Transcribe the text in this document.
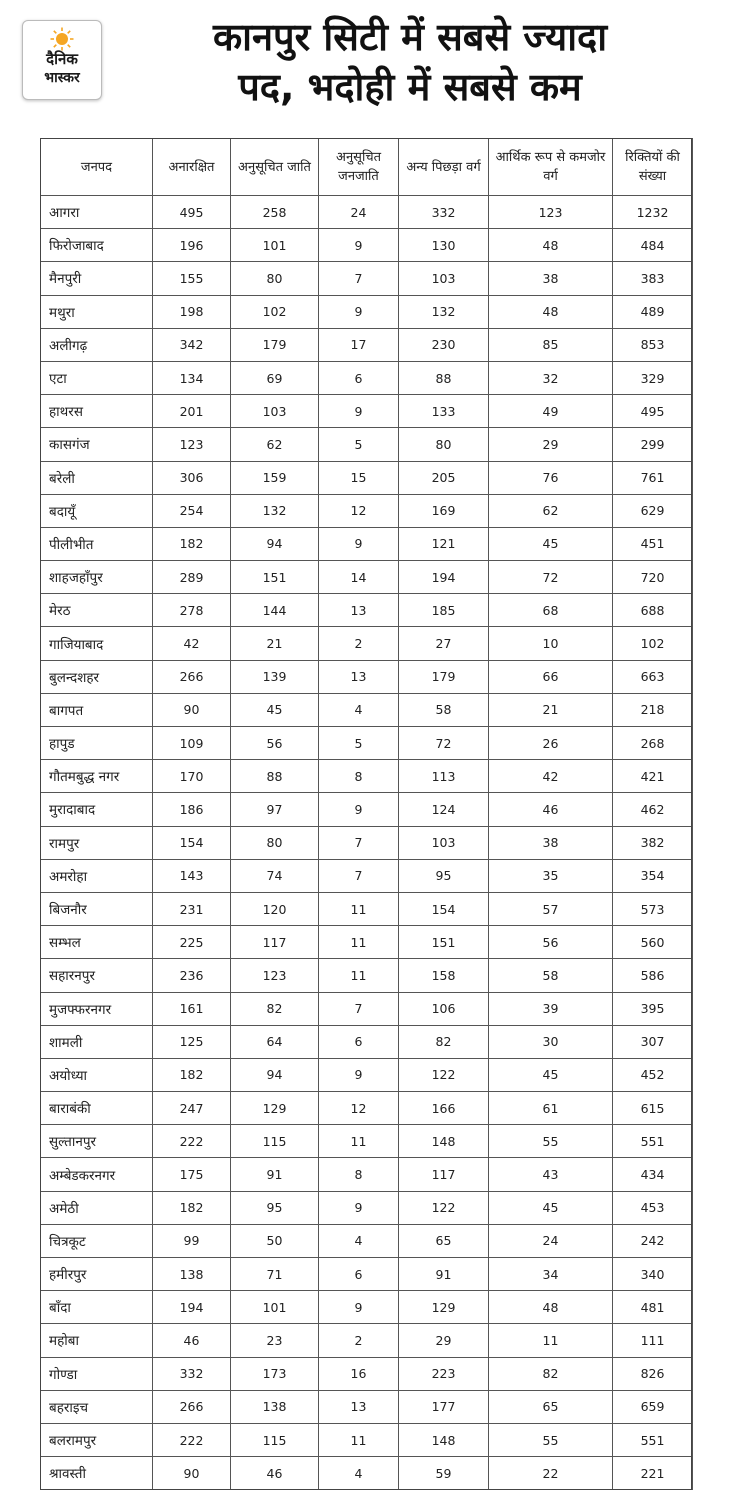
दैनिक
भास्कर
कानपुर सिटी में सबसे ज्यादा
पद, भदोही में सबसे कम
जनपद	अनारक्षित	अनुसूचित जाति	अनुसूचित जनजाति	अन्य पिछड़ा वर्ग	आर्थिक रूप से कमजोर वर्ग	रिक्तियों की संख्या
आगरा	495	258	24	332	123	1232
फिरोजाबाद	196	101	9	130	48	484
मैनपुरी	155	80	7	103	38	383
मथुरा	198	102	9	132	48	489
अलीगढ़	342	179	17	230	85	853
एटा	134	69	6	88	32	329
हाथरस	201	103	9	133	49	495
कासगंज	123	62	5	80	29	299
बरेली	306	159	15	205	76	761
बदायूँ	254	132	12	169	62	629
पीलीभीत	182	94	9	121	45	451
शाहजहाँपुर	289	151	14	194	72	720
मेरठ	278	144	13	185	68	688
गाजियाबाद	42	21	2	27	10	102
बुलन्दशहर	266	139	13	179	66	663
बागपत	90	45	4	58	21	218
हापुड	109	56	5	72	26	268
गौतमबुद्ध नगर	170	88	8	113	42	421
मुरादाबाद	186	97	9	124	46	462
रामपुर	154	80	7	103	38	382
अमरोहा	143	74	7	95	35	354
बिजनौर	231	120	11	154	57	573
सम्भल	225	117	11	151	56	560
सहारनपुर	236	123	11	158	58	586
मुजफ्फरनगर	161	82	7	106	39	395
शामली	125	64	6	82	30	307
अयोध्या	182	94	9	122	45	452
बाराबंकी	247	129	12	166	61	615
सुल्तानपुर	222	115	11	148	55	551
अम्बेडकरनगर	175	91	8	117	43	434
अमेठी	182	95	9	122	45	453
चित्रकूट	99	50	4	65	24	242
हमीरपुर	138	71	6	91	34	340
बाँदा	194	101	9	129	48	481
महोबा	46	23	2	29	11	111
गोण्डा	332	173	16	223	82	826
बहराइच	266	138	13	177	65	659
बलरामपुर	222	115	11	148	55	551
श्रावस्ती	90	46	4	59	22	221
